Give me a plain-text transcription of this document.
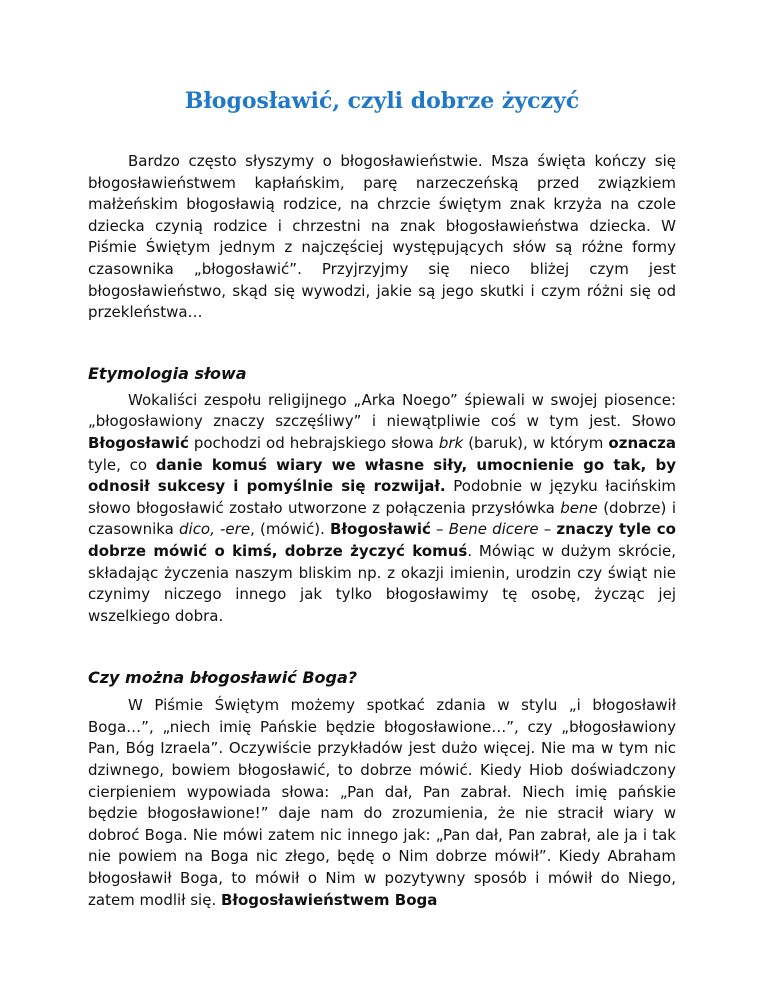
Błogosławić, czyli dobrze życzyć

Bardzo często słyszymy o błogosławieństwie. Msza święta kończy się błogosławieństwem kapłańskim, parę narzeczeńską przed związkiem małżeńskim błogosławią rodzice, na chrzcie świętym znak krzyża na czole dziecka czynią rodzice i chrzestni na znak błogosławieństwa dziecka. W Piśmie Świętym jednym z najczęściej występujących słów są różne formy czasownika „błogosławić”. Przyjrzyjmy się nieco bliżej czym jest błogosławieństwo, skąd się wywodzi, jakie są jego skutki i czym różni się od przekleństwa…

Etymologia słowa

Wokaliści zespołu religijnego „Arka Noego” śpiewali w swojej piosence: „błogosławiony znaczy szczęśliwy” i niewątpliwie coś w tym jest. Słowo Błogosławić pochodzi od hebrajskiego słowa brk (baruk), w którym oznacza tyle, co danie komuś wiary we własne siły, umocnienie go tak, by odnosił sukcesy i pomyślnie się rozwijał. Podobnie w języku łacińskim słowo błogosławić zostało utworzone z połączenia przysłówka bene (dobrze) i czasownika dico, -ere, (mówić). Błogosławić – Bene dicere – znaczy tyle co dobrze mówić o kimś, dobrze życzyć komuś. Mówiąc w dużym skrócie, składając życzenia naszym bliskim np. z okazji imienin, urodzin czy świąt nie czynimy niczego innego jak tylko błogosławimy tę osobę, życząc jej wszelkiego dobra.

Czy można błogosławić Boga?

W Piśmie Świętym możemy spotkać zdania w stylu „i błogosławił Boga…”, „niech imię Pańskie będzie błogosławione…”, czy „błogosławiony Pan, Bóg Izraela”. Oczywiście przykładów jest dużo więcej. Nie ma w tym nic dziwnego, bowiem błogosławić, to dobrze mówić. Kiedy Hiob doświadczony cierpieniem wypowiada słowa: „Pan dał, Pan zabrał. Niech imię pańskie będzie błogosławione!” daje nam do zrozumienia, że nie stracił wiary w dobroć Boga. Nie mówi zatem nic innego jak: „Pan dał, Pan zabrał, ale ja i tak nie powiem na Boga nic złego, będę o Nim dobrze mówił”. Kiedy Abraham błogosławił Boga, to mówił o Nim w pozytywny sposób i mówił do Niego, zatem modlił się. Błogosławieństwem Boga
